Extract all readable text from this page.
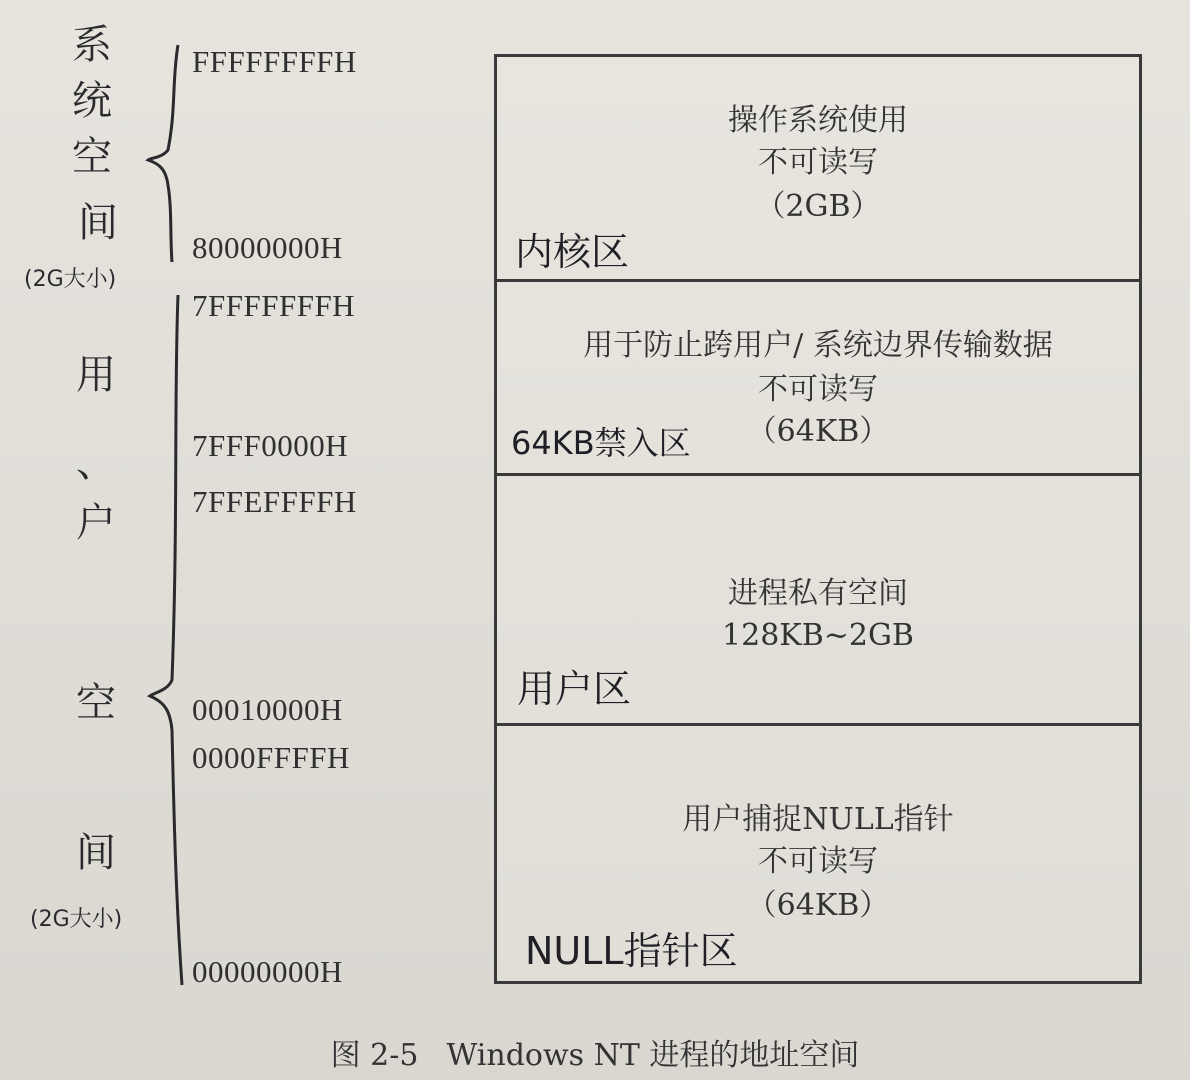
系
统
空
间
(2G大小)
用
、
户
空
间
(2G大小)
FFFFFFFFH
80000000H
7FFFFFFFH
7FFF0000H
7FFEFFFFH
00010000H
0000FFFFH
00000000H
操作系统使用
不可读写
（2GB）
内核区
用于防止跨用户/ 系统边界传输数据
不可读写
（64KB）
64KB禁入区
进程私有空间
128KB~2GB
用户区
用户捕捉NULL指针
不可读写
（64KB）
NULL指针区
图 2-5 Windows NT 进程的地址空间
